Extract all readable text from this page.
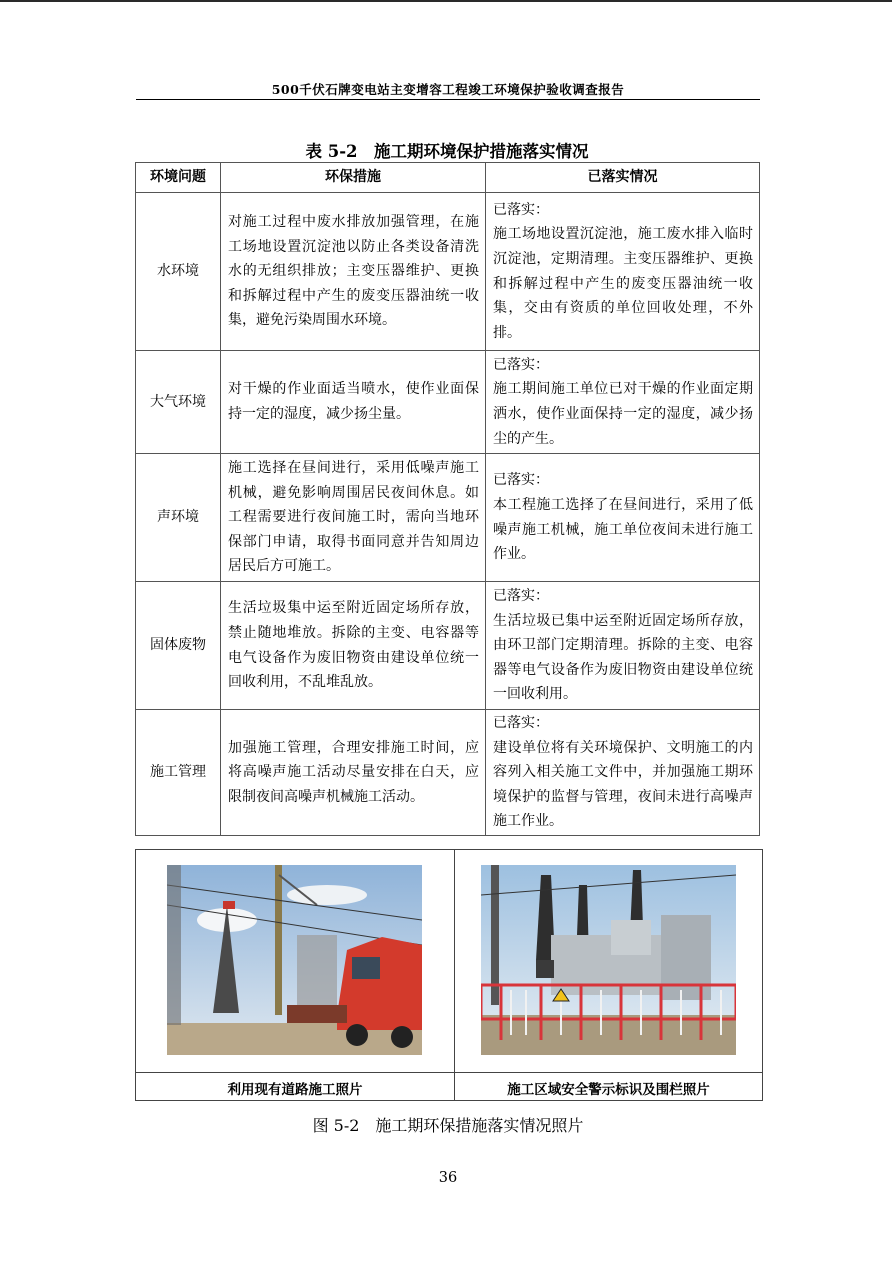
500千伏石牌变电站主变增容工程竣工环境保护验收调查报告
表 5-2　施工期环境保护措施落实情况
环境问题	环保措施	已落实情况
水环境	对施工过程中废水排放加强管理，在施工场地设置沉淀池以防止各类设备清洗水的无组织排放；主变压器维护、更换和拆解过程中产生的废变压器油统一收集，避免污染周围水环境。	已落实：
施工场地设置沉淀池，施工废水排入临时沉淀池，定期清理。主变压器维护、更换和拆解过程中产生的废变压器油统一收集，交由有资质的单位回收处理，不外排。
大气环境	对干燥的作业面适当喷水，使作业面保持一定的湿度，减少扬尘量。	已落实：
施工期间施工单位已对干燥的作业面定期洒水，使作业面保持一定的湿度，减少扬尘的产生。
声环境	施工选择在昼间进行，采用低噪声施工机械，避免影响周围居民夜间休息。如工程需要进行夜间施工时，需向当地环保部门申请，取得书面同意并告知周边居民后方可施工。	已落实：
本工程施工选择了在昼间进行，采用了低噪声施工机械，施工单位夜间未进行施工作业。
固体废物	生活垃圾集中运至附近固定场所存放，禁止随地堆放。拆除的主变、电容器等电气设备作为废旧物资由建设单位统一回收利用，不乱堆乱放。	已落实：
生活垃圾已集中运至附近固定场所存放，由环卫部门定期清理。拆除的主变、电容器等电气设备作为废旧物资由建设单位统一回收利用。
施工管理	加强施工管理，合理安排施工时间，应将高噪声施工活动尽量安排在白天，应限制夜间高噪声机械施工活动。	已落实：
建设单位将有关环境保护、文明施工的内容列入相关施工文件中，并加强施工期环境保护的监督与管理，夜间未进行高噪声施工作业。
利用现有道路施工照片	施工区域安全警示标识及围栏照片
图 5-2　施工期环保措施落实情况照片
36
